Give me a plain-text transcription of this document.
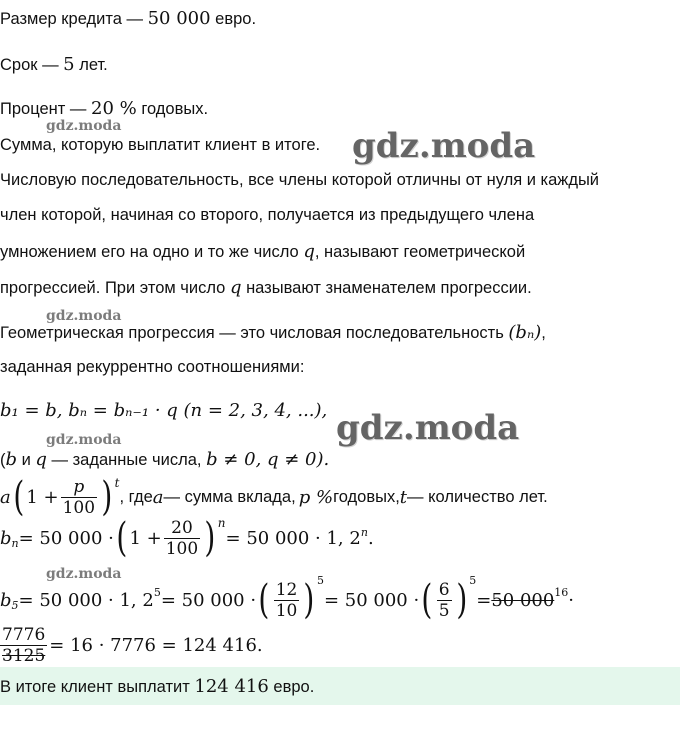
Размер кредита — 50 000 евро.
Срок — 5 лет.
Процент — 20 % годовых.
gdz.moda
Сумма, которую выплатит клиент в итоге. gdz.moda
Числовую последовательность, все члены которой отличны от нуля и каждый
член которой, начиная со второго, получается из предыдущего члена
умножением его на одно и то же число q, называют геометрической
прогрессией. При этом число q называют знаменателем прогрессии.
gdz.moda
Геометрическая прогрессия — это числовая последовательность (bₙ),
заданная рекуррентно соотношениями:
b₁ = b, bₙ = bₙ₋₁ · q (n = 2, 3, 4, ...), gdz.moda
gdz.moda
(b и q — заданные числа, b ≠ 0, q ≠ 0).
a ( $1 + \frac{p}{100}$ ) t
, где a — сумма вклада, p % годовых, t — количество лет.
b n = 50 000 · ( $1 + \frac{20}{100}$ ) n
= 50 000 · 1, 2 n .
gdz.moda
b 5 = 50 000 · 1, 2 5 = 50 000 · ( $\frac{12}{10}$ ) 5
= 50 000 · ( $\frac{6}{5}$ ) 5
= 50 000 16 ·
$\frac{7776}{3125} = 16 \cdot 7776 = 124$ 416.
В итоге клиент выплатит 124 416 евро.
